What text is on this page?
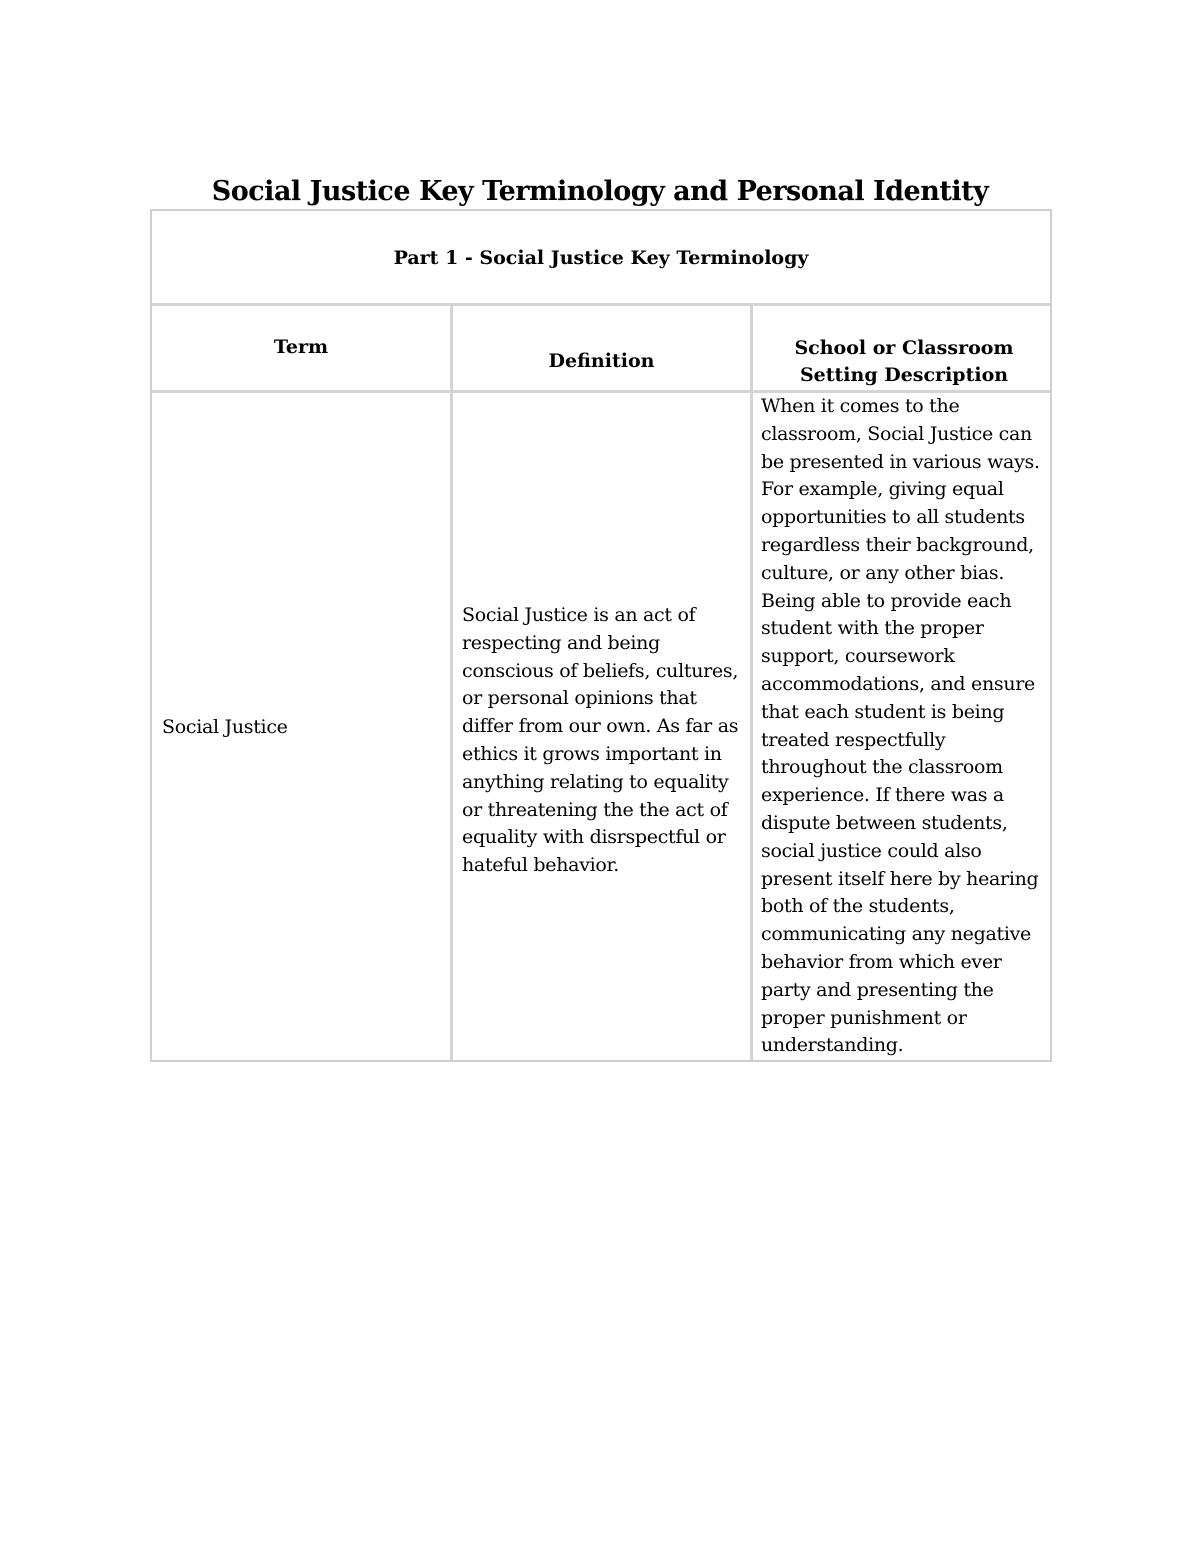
Social Justice Key Terminology and Personal Identity
Part 1 - Social Justice Key Terminology
Term
Definition
School or Classroom Setting Description
Social Justice
Social Justice is an act of respecting and being conscious of beliefs, cultures, or personal opinions that differ from our own. As far as ethics it grows important in anything relating to equality or threatening the the act of equality with disrspectful or hateful behavior.
When it comes to the classroom, Social Justice can be presented in various ways. For example, giving equal opportunities to all students regardless their background, culture, or any other bias. Being able to provide each student with the proper support, coursework accommodations, and ensure that each student is being treated respectfully throughout the classroom experience. If there was a dispute between students, social justice could also present itself here by hearing both of the students, communicating any negative behavior from which ever party and presenting the proper punishment or understanding.
